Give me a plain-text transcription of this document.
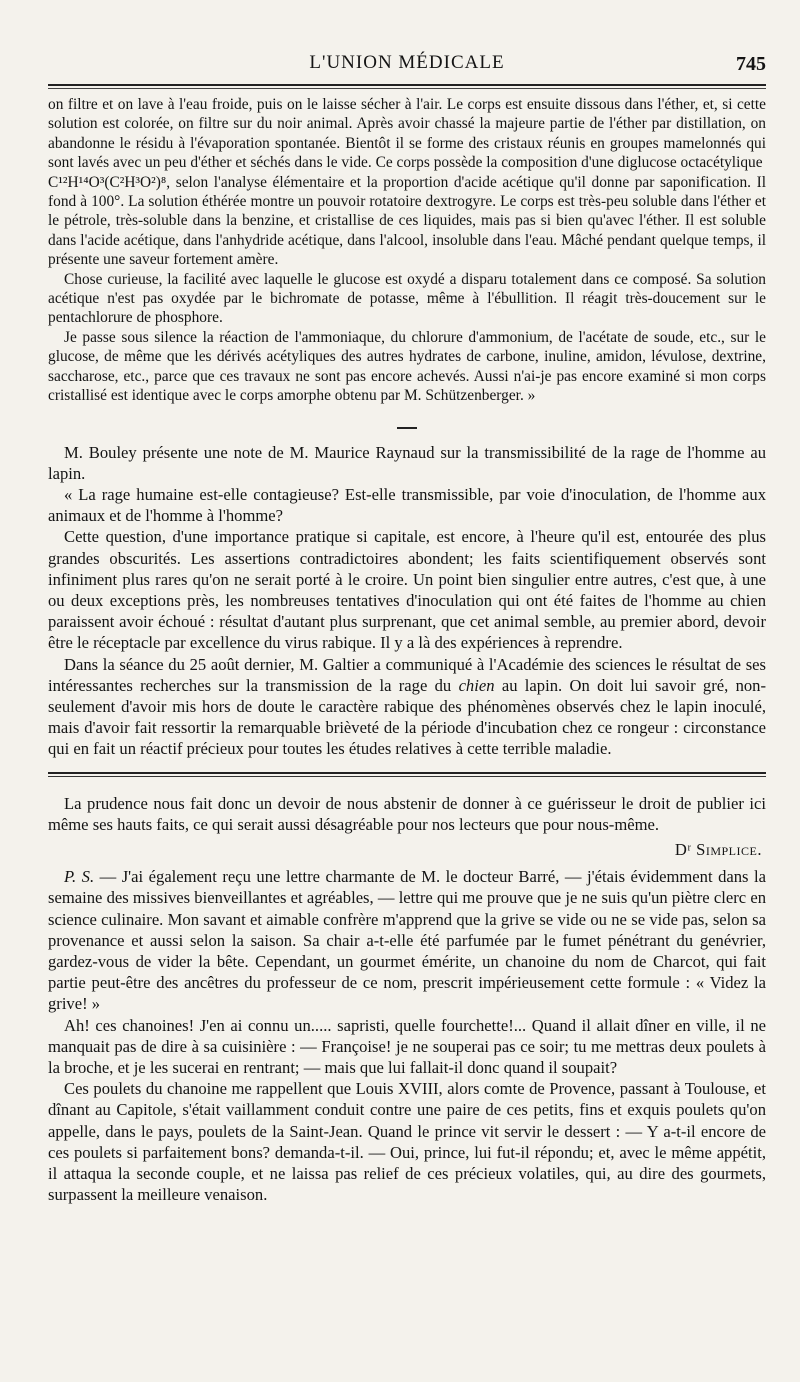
L'UNION MÉDICALE	745

on filtre et on lave à l'eau froide, puis on le laisse sécher à l'air. Le corps est ensuite dissous dans l'éther, et, si cette solution est colorée, on filtre sur du noir animal. Après avoir chassé la majeure partie de l'éther par distillation, on abandonne le résidu à l'évaporation spontanée. Bientôt il se forme des cristaux réunis en groupes mamelonnés qui sont lavés avec un peu d'éther et séchés dans le vide. Ce corps possède la composition d'une diglucose octacétylique

C¹²H¹⁴O³(C²H³O²)⁸, selon l'analyse élémentaire et la proportion d'acide acétique qu'il donne par saponification. Il fond à 100°. La solution éthérée montre un pouvoir rotatoire dextrogyre. Le corps est très-peu soluble dans l'éther et le pétrole, très-soluble dans la benzine, et cristallise de ces liquides, mais pas si bien qu'avec l'éther. Il est soluble dans l'acide acétique, dans l'anhydride acétique, dans l'alcool, insoluble dans l'eau. Mâché pendant quelque temps, il présente une saveur fortement amère.

Chose curieuse, la facilité avec laquelle le glucose est oxydé a disparu totalement dans ce composé. Sa solution acétique n'est pas oxydée par le bichromate de potasse, même à l'ébullition. Il réagit très-doucement sur le pentachlorure de phosphore.

Je passe sous silence la réaction de l'ammoniaque, du chlorure d'ammonium, de l'acétate de soude, etc., sur le glucose, de même que les dérivés acétyliques des autres hydrates de carbone, inuline, amidon, lévulose, dextrine, saccharose, etc., parce que ces travaux ne sont pas encore achevés. Aussi n'ai-je pas encore examiné si mon corps cristallisé est identique avec le corps amorphe obtenu par M. Schützenberger. »

M. Bouley présente une note de M. Maurice Raynaud sur la transmissibilité de la rage de l'homme au lapin.

« La rage humaine est-elle contagieuse? Est-elle transmissible, par voie d'inoculation, de l'homme aux animaux et de l'homme à l'homme?

Cette question, d'une importance pratique si capitale, est encore, à l'heure qu'il est, entourée des plus grandes obscurités. Les assertions contradictoires abondent; les faits scientifiquement observés sont infiniment plus rares qu'on ne serait porté à le croire. Un point bien singulier entre autres, c'est que, à une ou deux exceptions près, les nombreuses tentatives d'inoculation qui ont été faites de l'homme au chien paraissent avoir échoué : résultat d'autant plus surprenant, que cet animal semble, au premier abord, devoir être le réceptacle par excellence du virus rabique. Il y a là des expériences à reprendre.

Dans la séance du 25 août dernier, M. Galtier a communiqué à l'Académie des sciences le résultat de ses intéressantes recherches sur la transmission de la rage du chien au lapin. On doit lui savoir gré, non-seulement d'avoir mis hors de doute le caractère rabique des phénomènes observés chez le lapin inoculé, mais d'avoir fait ressortir la remarquable brièveté de la période d'incubation chez ce rongeur : circonstance qui en fait un réactif précieux pour toutes les études relatives à cette terrible maladie.

La prudence nous fait donc un devoir de nous abstenir de donner à ce guérisseur le droit de publier ici même ses hauts faits, ce qui serait aussi désagréable pour nos lecteurs que pour nous-même.

Dʳ Simplice.

P. S. — J'ai également reçu une lettre charmante de M. le docteur Barré, — j'étais évidemment dans la semaine des missives bienveillantes et agréables, — lettre qui me prouve que je ne suis qu'un piètre clerc en science culinaire. Mon savant et aimable confrère m'apprend que la grive se vide ou ne se vide pas, selon sa provenance et aussi selon la saison. Sa chair a-t-elle été parfumée par le fumet pénétrant du genévrier, gardez-vous de vider la bête. Cependant, un gourmet émérite, un chanoine du nom de Charcot, qui fait partie peut-être des ancêtres du professeur de ce nom, prescrit impérieusement cette formule : « Videz la grive! »

Ah! ces chanoines! J'en ai connu un..... sapristi, quelle fourchette!... Quand il allait dîner en ville, il ne manquait pas de dire à sa cuisinière : — Françoise! je ne souperai pas ce soir; tu me mettras deux poulets à la broche, et je les sucerai en rentrant; — mais que lui fallait-il donc quand il soupait?

Ces poulets du chanoine me rappellent que Louis XVIII, alors comte de Provence, passant à Toulouse, et dînant au Capitole, s'était vaillamment conduit contre une paire de ces petits, fins et exquis poulets qu'on appelle, dans le pays, poulets de la Saint-Jean. Quand le prince vit servir le dessert : — Y a-t-il encore de ces poulets si parfaitement bons? demanda-t-il. — Oui, prince, lui fut-il répondu; et, avec le même appétit, il attaqua la seconde couple, et ne laissa pas relief de ces précieux volatiles, qui, au dire des gourmets, surpassent la meilleure venaison.
